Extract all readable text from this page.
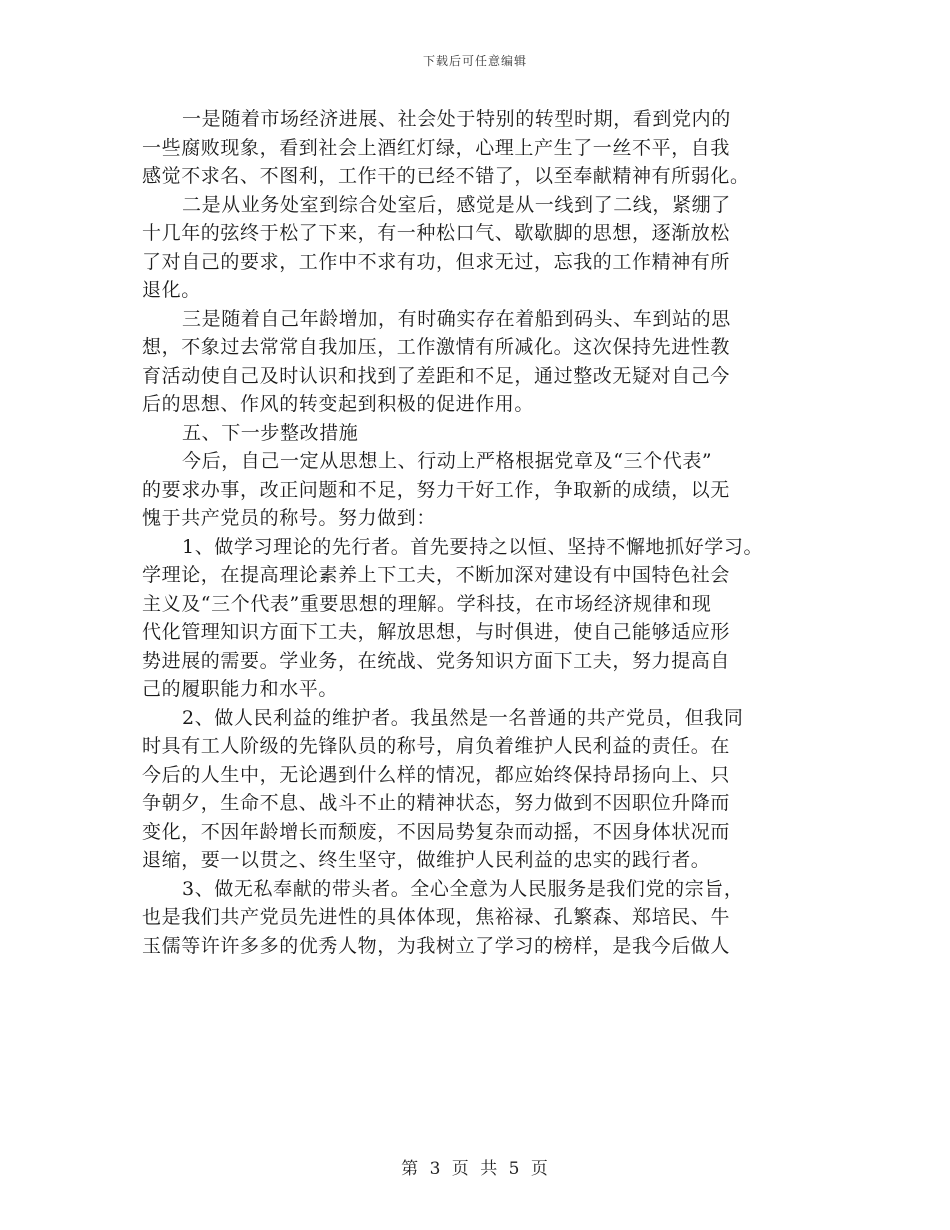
下载后可任意编辑
一是随着市场经济进展、社会处于特别的转型时期，看到党内的
一些腐败现象，看到社会上酒红灯绿，心理上产生了一丝不平，自我
感觉不求名、不图利，工作干的已经不错了，以至奉献精神有所弱化。
二是从业务处室到综合处室后，感觉是从一线到了二线，紧绷了
十几年的弦终于松了下来，有一种松口气、歇歇脚的思想，逐渐放松
了对自己的要求，工作中不求有功，但求无过，忘我的工作精神有所
退化。
三是随着自己年龄增加，有时确实存在着船到码头、车到站的思
想，不象过去常常自我加压，工作激情有所减化。这次保持先进性教
育活动使自己及时认识和找到了差距和不足，通过整改无疑对自己今
后的思想、作风的转变起到积极的促进作用。
五、下一步整改措施
今后，自己一定从思想上、行动上严格根据党章及“三个代表”
的要求办事，改正问题和不足，努力干好工作，争取新的成绩，以无
愧于共产党员的称号。努力做到：
1、做学习理论的先行者。首先要持之以恒、坚持不懈地抓好学习。
学理论，在提高理论素养上下工夫，不断加深对建设有中国特色社会
主义及“三个代表”重要思想的理解。学科技，在市场经济规律和现
代化管理知识方面下工夫，解放思想，与时俱进，使自己能够适应形
势进展的需要。学业务，在统战、党务知识方面下工夫，努力提高自
己的履职能力和水平。
2、做人民利益的维护者。我虽然是一名普通的共产党员，但我同
时具有工人阶级的先锋队员的称号，肩负着维护人民利益的责任。在
今后的人生中，无论遇到什么样的情况，都应始终保持昂扬向上、只
争朝夕，生命不息、战斗不止的精神状态，努力做到不因职位升降而
变化，不因年龄增长而颓废，不因局势复杂而动摇，不因身体状况而
退缩，要一以贯之、终生坚守，做维护人民利益的忠实的践行者。
3、做无私奉献的带头者。全心全意为人民服务是我们党的宗旨，
也是我们共产党员先进性的具体体现，焦裕禄、孔繁森、郑培民、牛
玉儒等许许多多的优秀人物，为我树立了学习的榜样，是我今后做人
第 3 页 共 5 页
